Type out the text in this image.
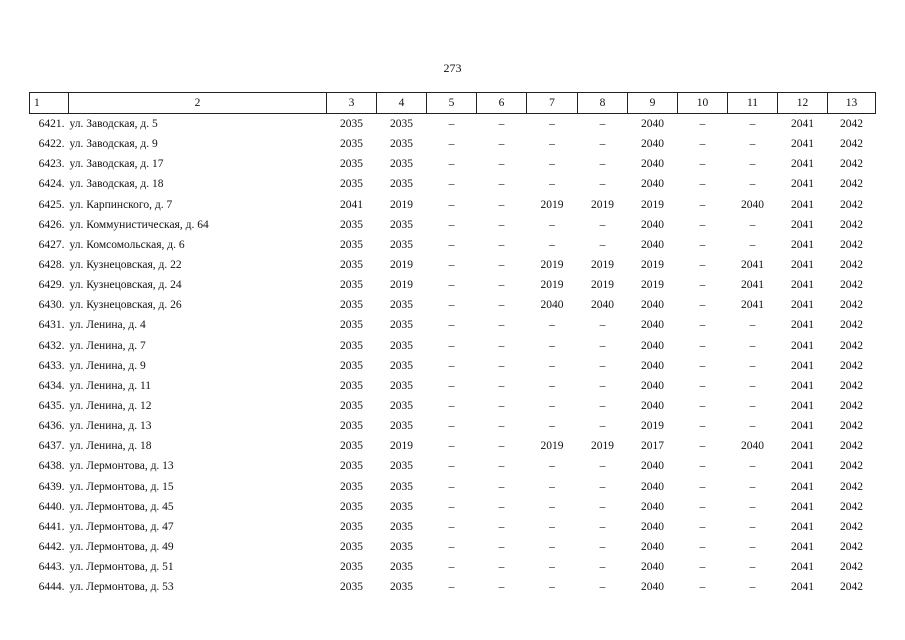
273
1	2	3	4	5	6	7	8	9	10	11	12	13
6421.	ул. Заводская, д. 5	2035	2035	–	–	–	–	2040	–	–	2041	2042
6422.	ул. Заводская, д. 9	2035	2035	–	–	–	–	2040	–	–	2041	2042
6423.	ул. Заводская, д. 17	2035	2035	–	–	–	–	2040	–	–	2041	2042
6424.	ул. Заводская, д. 18	2035	2035	–	–	–	–	2040	–	–	2041	2042
6425.	ул. Карпинского, д. 7	2041	2019	–	–	2019	2019	2019	–	2040	2041	2042
6426.	ул. Коммунистическая, д. 64	2035	2035	–	–	–	–	2040	–	–	2041	2042
6427.	ул. Комсомольская, д. 6	2035	2035	–	–	–	–	2040	–	–	2041	2042
6428.	ул. Кузнецовская, д. 22	2035	2019	–	–	2019	2019	2019	–	2041	2041	2042
6429.	ул. Кузнецовская, д. 24	2035	2019	–	–	2019	2019	2019	–	2041	2041	2042
6430.	ул. Кузнецовская, д. 26	2035	2035	–	–	2040	2040	2040	–	2041	2041	2042
6431.	ул. Ленина, д. 4	2035	2035	–	–	–	–	2040	–	–	2041	2042
6432.	ул. Ленина, д. 7	2035	2035	–	–	–	–	2040	–	–	2041	2042
6433.	ул. Ленина, д. 9	2035	2035	–	–	–	–	2040	–	–	2041	2042
6434.	ул. Ленина, д. 11	2035	2035	–	–	–	–	2040	–	–	2041	2042
6435.	ул. Ленина, д. 12	2035	2035	–	–	–	–	2040	–	–	2041	2042
6436.	ул. Ленина, д. 13	2035	2035	–	–	–	–	2019	–	–	2041	2042
6437.	ул. Ленина, д. 18	2035	2019	–	–	2019	2019	2017	–	2040	2041	2042
6438.	ул. Лермонтова, д. 13	2035	2035	–	–	–	–	2040	–	–	2041	2042
6439.	ул. Лермонтова, д. 15	2035	2035	–	–	–	–	2040	–	–	2041	2042
6440.	ул. Лермонтова, д. 45	2035	2035	–	–	–	–	2040	–	–	2041	2042
6441.	ул. Лермонтова, д. 47	2035	2035	–	–	–	–	2040	–	–	2041	2042
6442.	ул. Лермонтова, д. 49	2035	2035	–	–	–	–	2040	–	–	2041	2042
6443.	ул. Лермонтова, д. 51	2035	2035	–	–	–	–	2040	–	–	2041	2042
6444.	ул. Лермонтова, д. 53	2035	2035	–	–	–	–	2040	–	–	2041	2042
